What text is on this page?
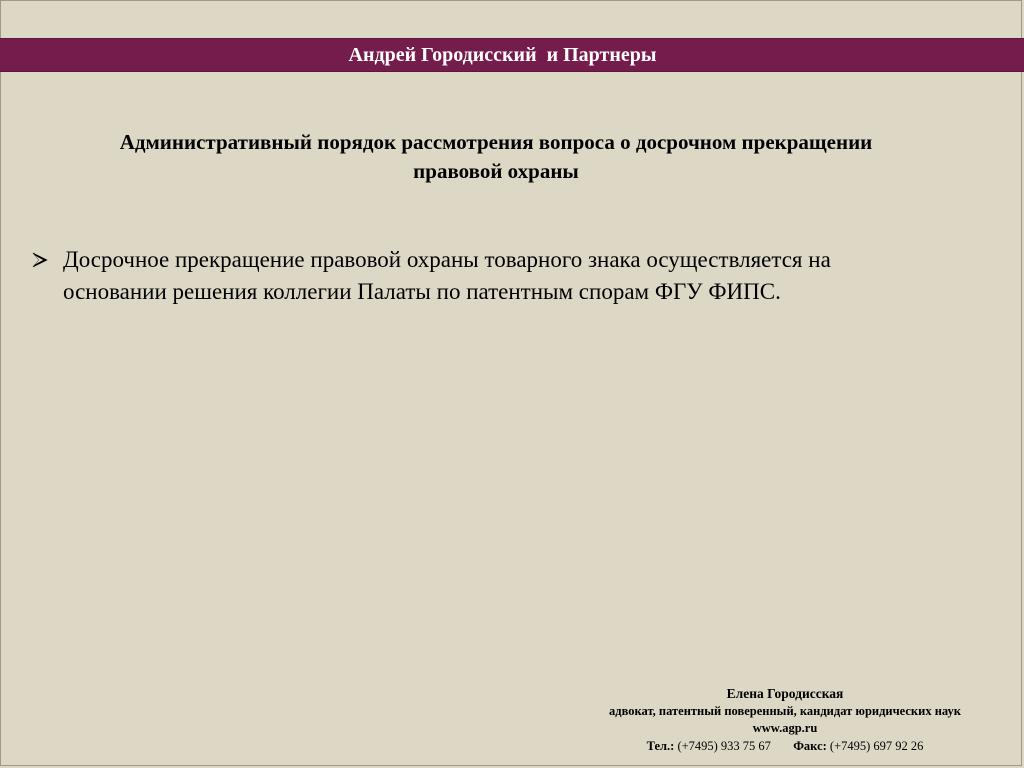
Андрей Городисский  и Партнеры
Административный порядок рассмотрения вопроса о досрочном прекращении
правовой охраны
Досрочное прекращение правовой охраны товарного знака осуществляется на
основании решения коллегии Палаты по патентным спорам ФГУ ФИПС.
Елена Городисская
адвокат, патентный поверенный, кандидат юридических наук
www.agp.ru
Тел.: (+7495) 933 75 67 Факс: (+7495) 697 92 26
